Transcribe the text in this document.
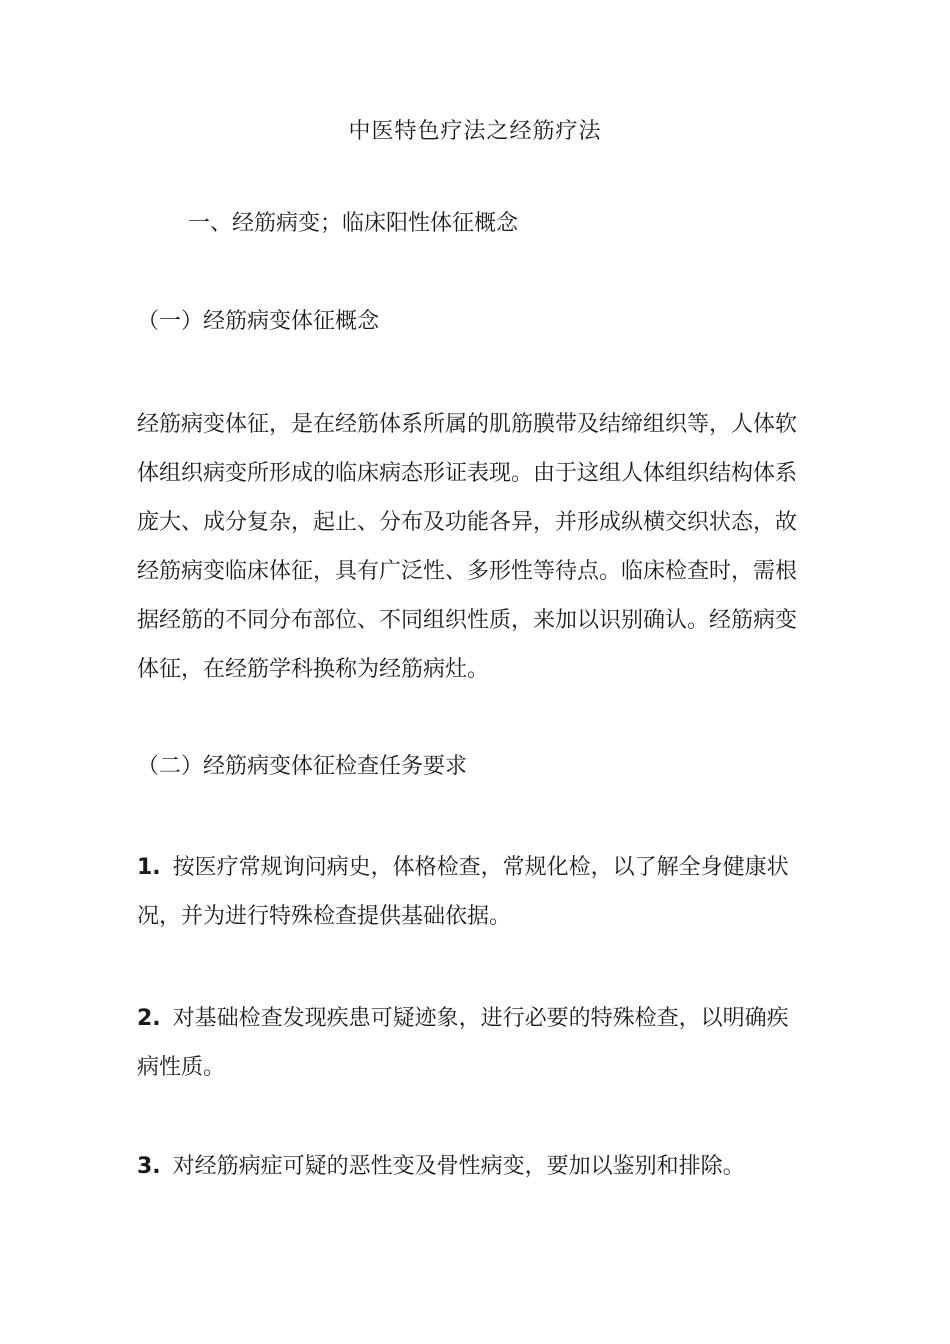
中医特色疗法之经筋疗法
一、经筋病变；临床阳性体征概念
（一）经筋病变体征概念

经筋病变体征，是在经筋体系所属的肌筋膜带及结缔组织等，人体软体组织病变所形成的临床病态形证表现。由于这组人体组织结构体系庞大、成分复杂，起止、分布及功能各异，并形成纵横交织状态，故经筋病变临床体征，具有广泛性、多形性等待点。临床检查时，需根据经筋的不同分布部位、不同组织性质，来加以识别确认。经筋病变体征，在经筋学科换称为经筋病灶。

（二）经筋病变体征检查任务要求

1. 按医疗常规询问病史，体格检查，常规化检，以了解全身健康状况，并为进行特殊检查提供基础依据。

2. 对基础检查发现疾患可疑迹象，进行必要的特殊检查，以明确疾病性质。

3. 对经筋病症可疑的恶性变及骨性病变，要加以鉴别和排除。
